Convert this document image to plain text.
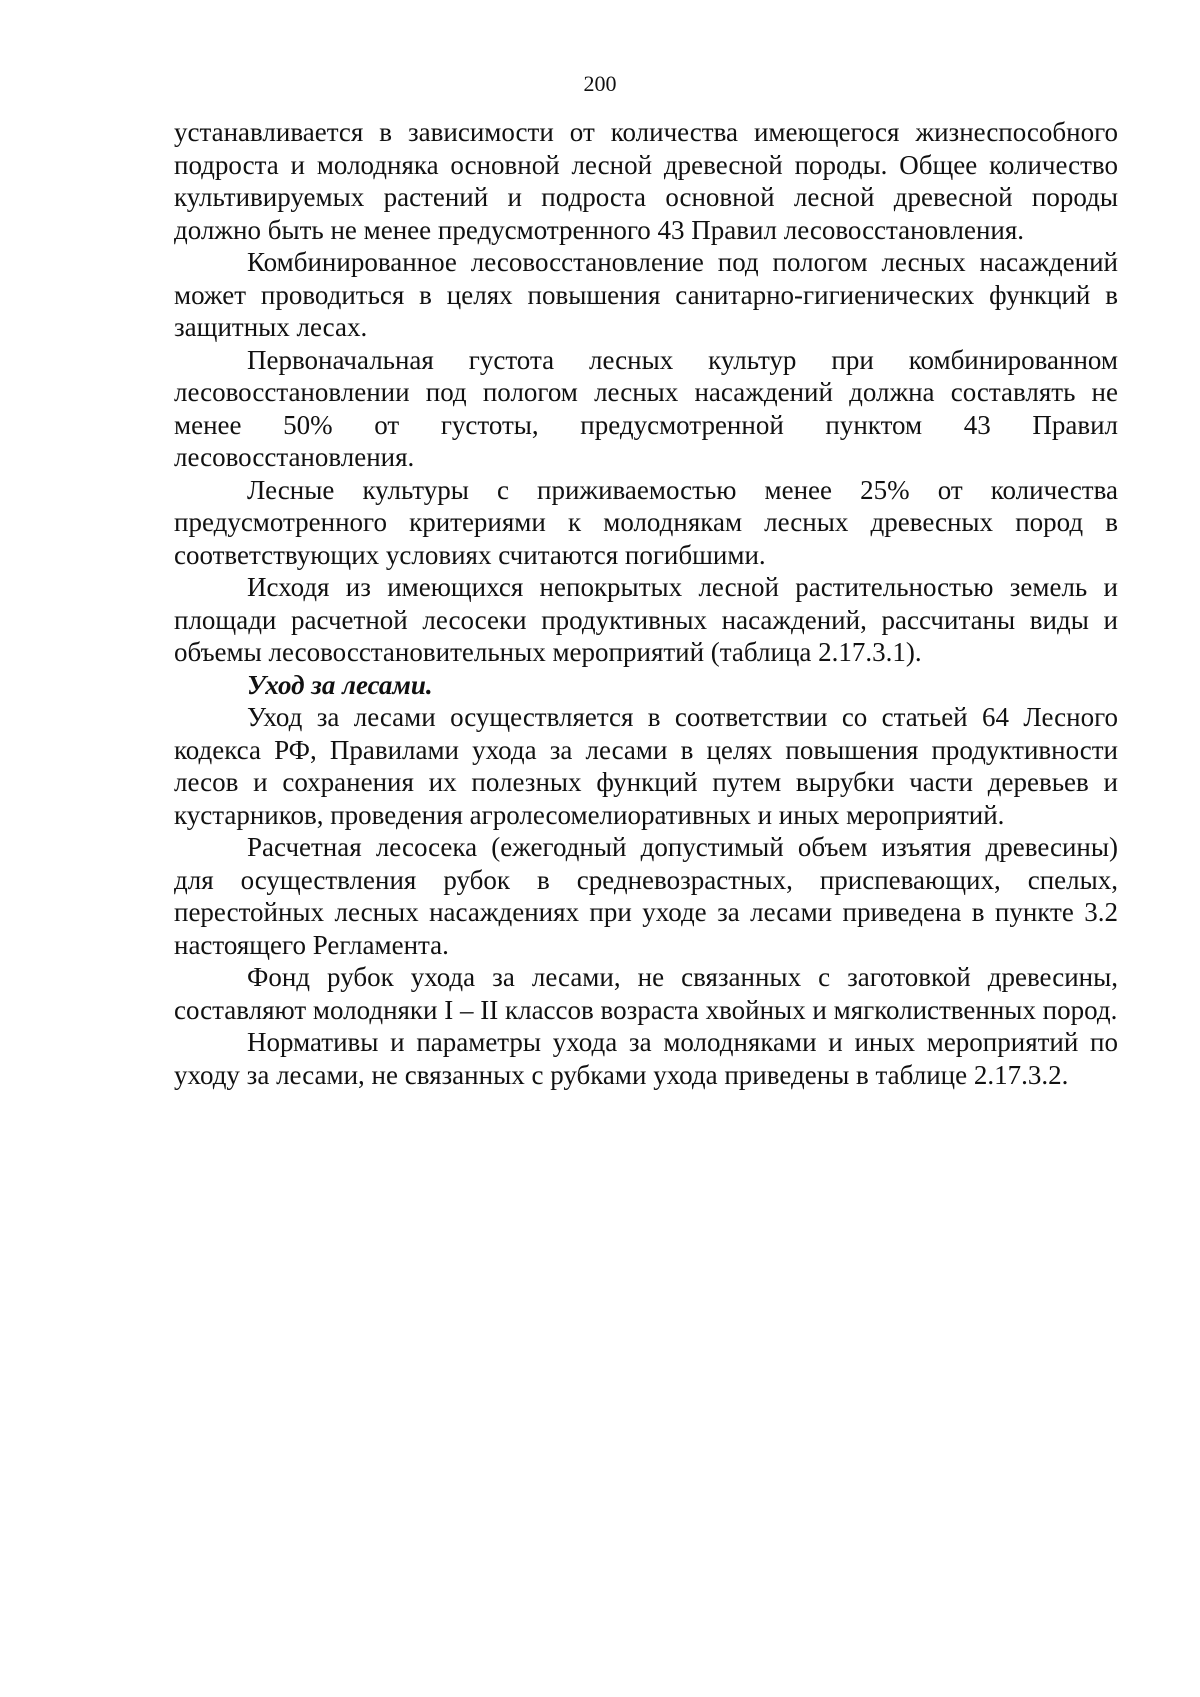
200

устанавливается в зависимости от количества имеющегося жизнеспособного подроста и молодняка основной лесной древесной породы. Общее количество культивируемых растений и подроста основной лесной древесной породы должно быть не менее предусмотренного 43 Правил лесовосстановления.

Комбинированное лесовосстановление под пологом лесных насаждений может проводиться в целях повышения санитарно-гигиенических функций в защитных лесах.

Первоначальная густота лесных культур при комбинированном лесовосстановлении под пологом лесных насаждений должна составлять не менее 50% от густоты, предусмотренной пунктом 43 Правил лесовосстановления.

Лесные культуры с приживаемостью менее 25% от количества предусмотренного критериями к молоднякам лесных древесных пород в соответствующих условиях считаются погибшими.

Исходя из имеющихся непокрытых лесной растительностью земель и площади расчетной лесосеки продуктивных насаждений, рассчитаны виды и объемы лесовосстановительных мероприятий (таблица 2.17.3.1).

Уход за лесами.

Уход за лесами осуществляется в соответствии со статьей 64 Лесного кодекса РФ, Правилами ухода за лесами в целях повышения продуктивности лесов и сохранения их полезных функций путем вырубки части деревьев и кустарников, проведения агролесомелиоративных и иных мероприятий.

Расчетная лесосека (ежегодный допустимый объем изъятия древесины) для осуществления рубок в средневозрастных, приспевающих, спелых, перестойных лесных насаждениях при уходе за лесами приведена в пункте 3.2 настоящего Регламента.

Фонд рубок ухода за лесами, не связанных с заготовкой древесины, составляют молодняки I – II классов возраста хвойных и мягколиственных пород.

Нормативы и параметры ухода за молодняками и иных мероприятий по уходу за лесами, не связанных с рубками ухода приведены в таблице 2.17.3.2.
